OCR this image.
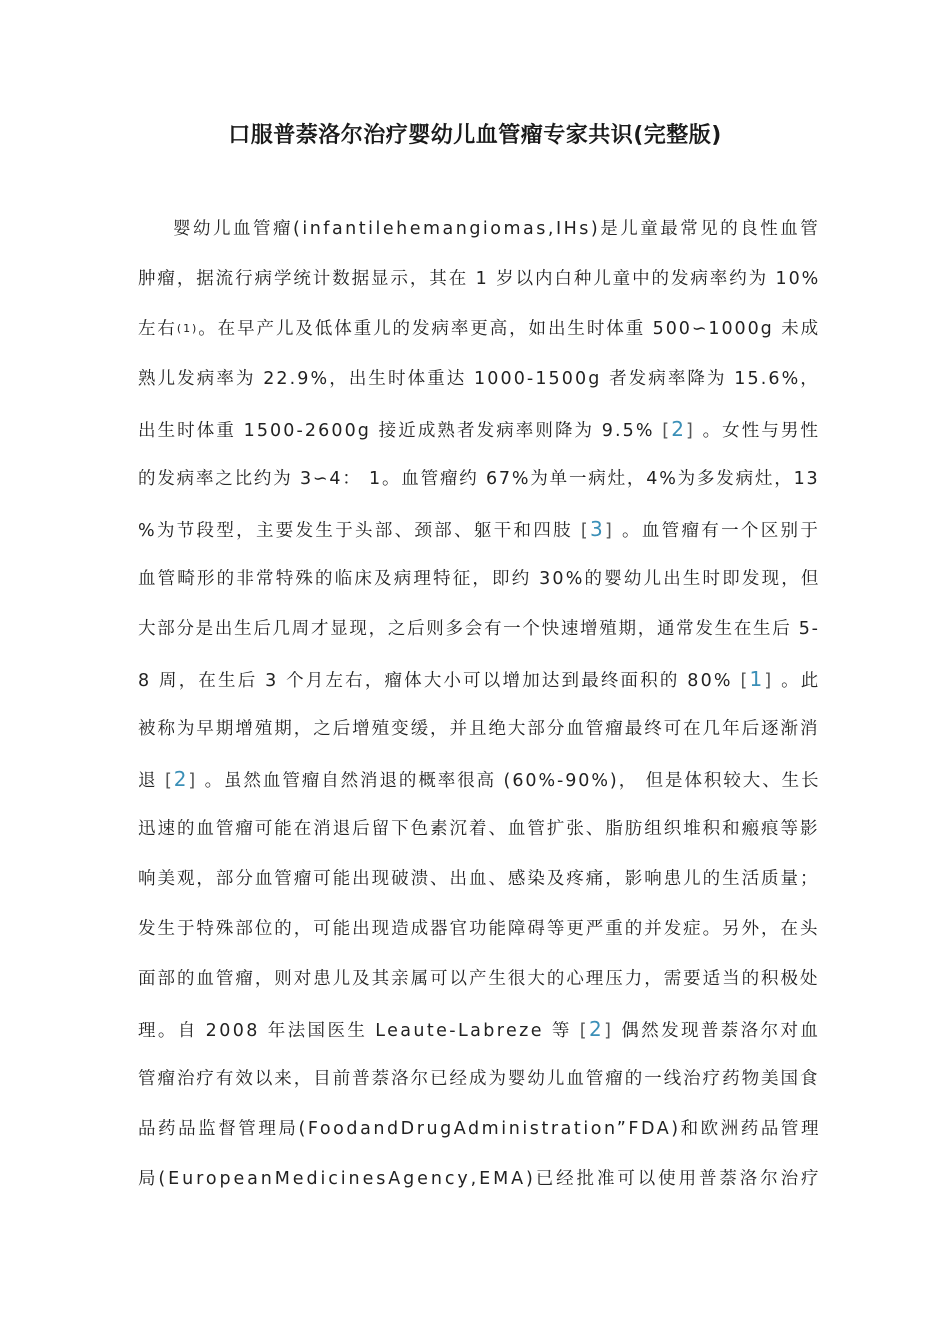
口服普萘洛尔治疗婴幼儿血管瘤专家共识(完整版)
婴幼儿血管瘤(infantilehemangiomas,IHs)是儿童最常见的良性血管
肿瘤，据流行病学统计数据显示，其在 1 岁以内白种儿童中的发病率约为 10%
左右(1)。在早产儿及低体重儿的发病率更高，如出生时体重 500∽1000g 未成
熟儿发病率为 22.9%，出生时体重达 1000-1500g 者发病率降为 15.6%，
出生时体重 1500-2600g 接近成熟者发病率则降为 9.5% [2] 。女性与男性
的发病率之比约为 3∽4： 1。血管瘤约 67%为单一病灶，4%为多发病灶，13
%为节段型，主要发生于头部、颈部、躯干和四肢 [3] 。血管瘤有一个区别于
血管畸形的非常特殊的临床及病理特征，即约 30%的婴幼儿出生时即发现，但
大部分是出生后几周才显现，之后则多会有一个快速增殖期，通常发生在生后 5-
8 周，在生后 3 个月左右，瘤体大小可以增加达到最终面积的 80% [1] 。此
被称为早期增殖期，之后增殖变缓，并且绝大部分血管瘤最终可在几年后逐渐消
退 [2] 。虽然血管瘤自然消退的概率很高 (60%-90%)， 但是体积较大、生长
迅速的血管瘤可能在消退后留下色素沉着、血管扩张、脂肪组织堆积和瘢痕等影
响美观，部分血管瘤可能出现破溃、出血、感染及疼痛，影响患儿的生活质量；
发生于特殊部位的，可能出现造成器官功能障碍等更严重的并发症。另外，在头
面部的血管瘤，则对患儿及其亲属可以产生很大的心理压力，需要适当的积极处
理。自 2008 年法国医生 Leaute-Labreze 等 [2] 偶然发现普萘洛尔对血
管瘤治疗有效以来，目前普萘洛尔已经成为婴幼儿血管瘤的一线治疗药物美国食
品药品监督管理局(FoodandDrugAdministration”FDA)和欧洲药品管理
局(EuropeanMedicinesAgency,EMA)已经批准可以使用普萘洛尔治疗
